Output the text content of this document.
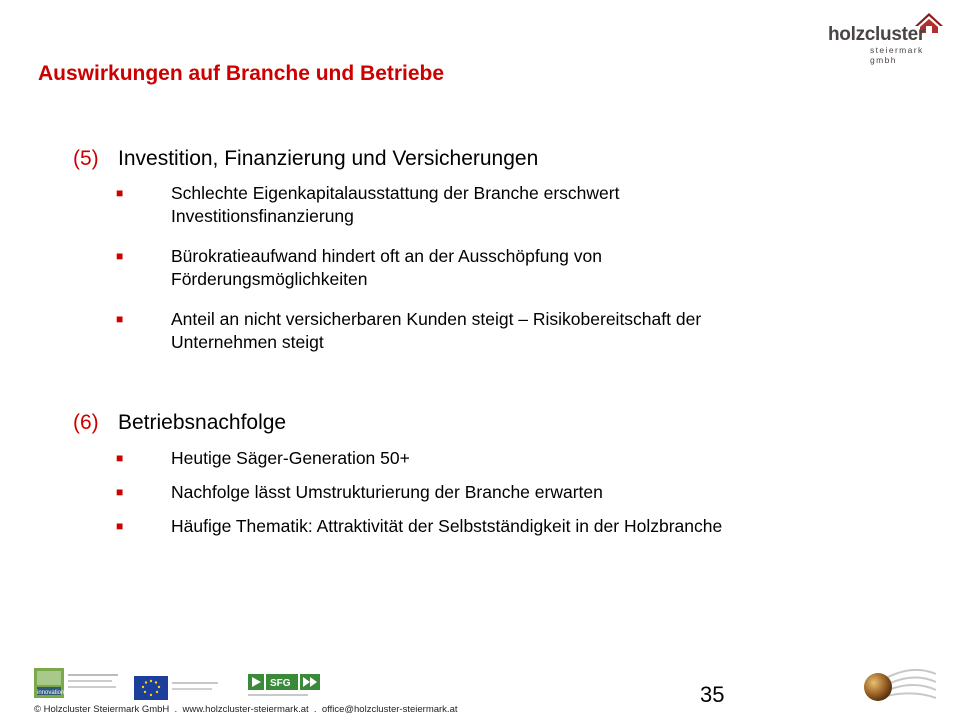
holzcluster
steiermark gmbh
Auswirkungen auf Branche und Betriebe
(5) Investition, Finanzierung und Versicherungen
■	Schlechte Eigenkapitalausstattung der Branche erschwert Investitionsfinanzierung
■	Bürokratieaufwand hindert oft an der Ausschöpfung von Förderungsmöglichkeiten
■	Anteil an nicht versicherbaren Kunden steigt – Risikobereitschaft der Unternehmen steigt
(6) Betriebsnachfolge
■	Heutige Säger-Generation 50+
■	Nachfolge lässt Umstrukturierung der Branche erwarten
■	Häufige Thematik: Attraktivität der Selbstständigkeit in der Holzbranche
innovation
SFG
© Holzcluster Steiermark GmbH  .  www.holzcluster-steiermark.at  .  office@holzcluster-steiermark.at
35
